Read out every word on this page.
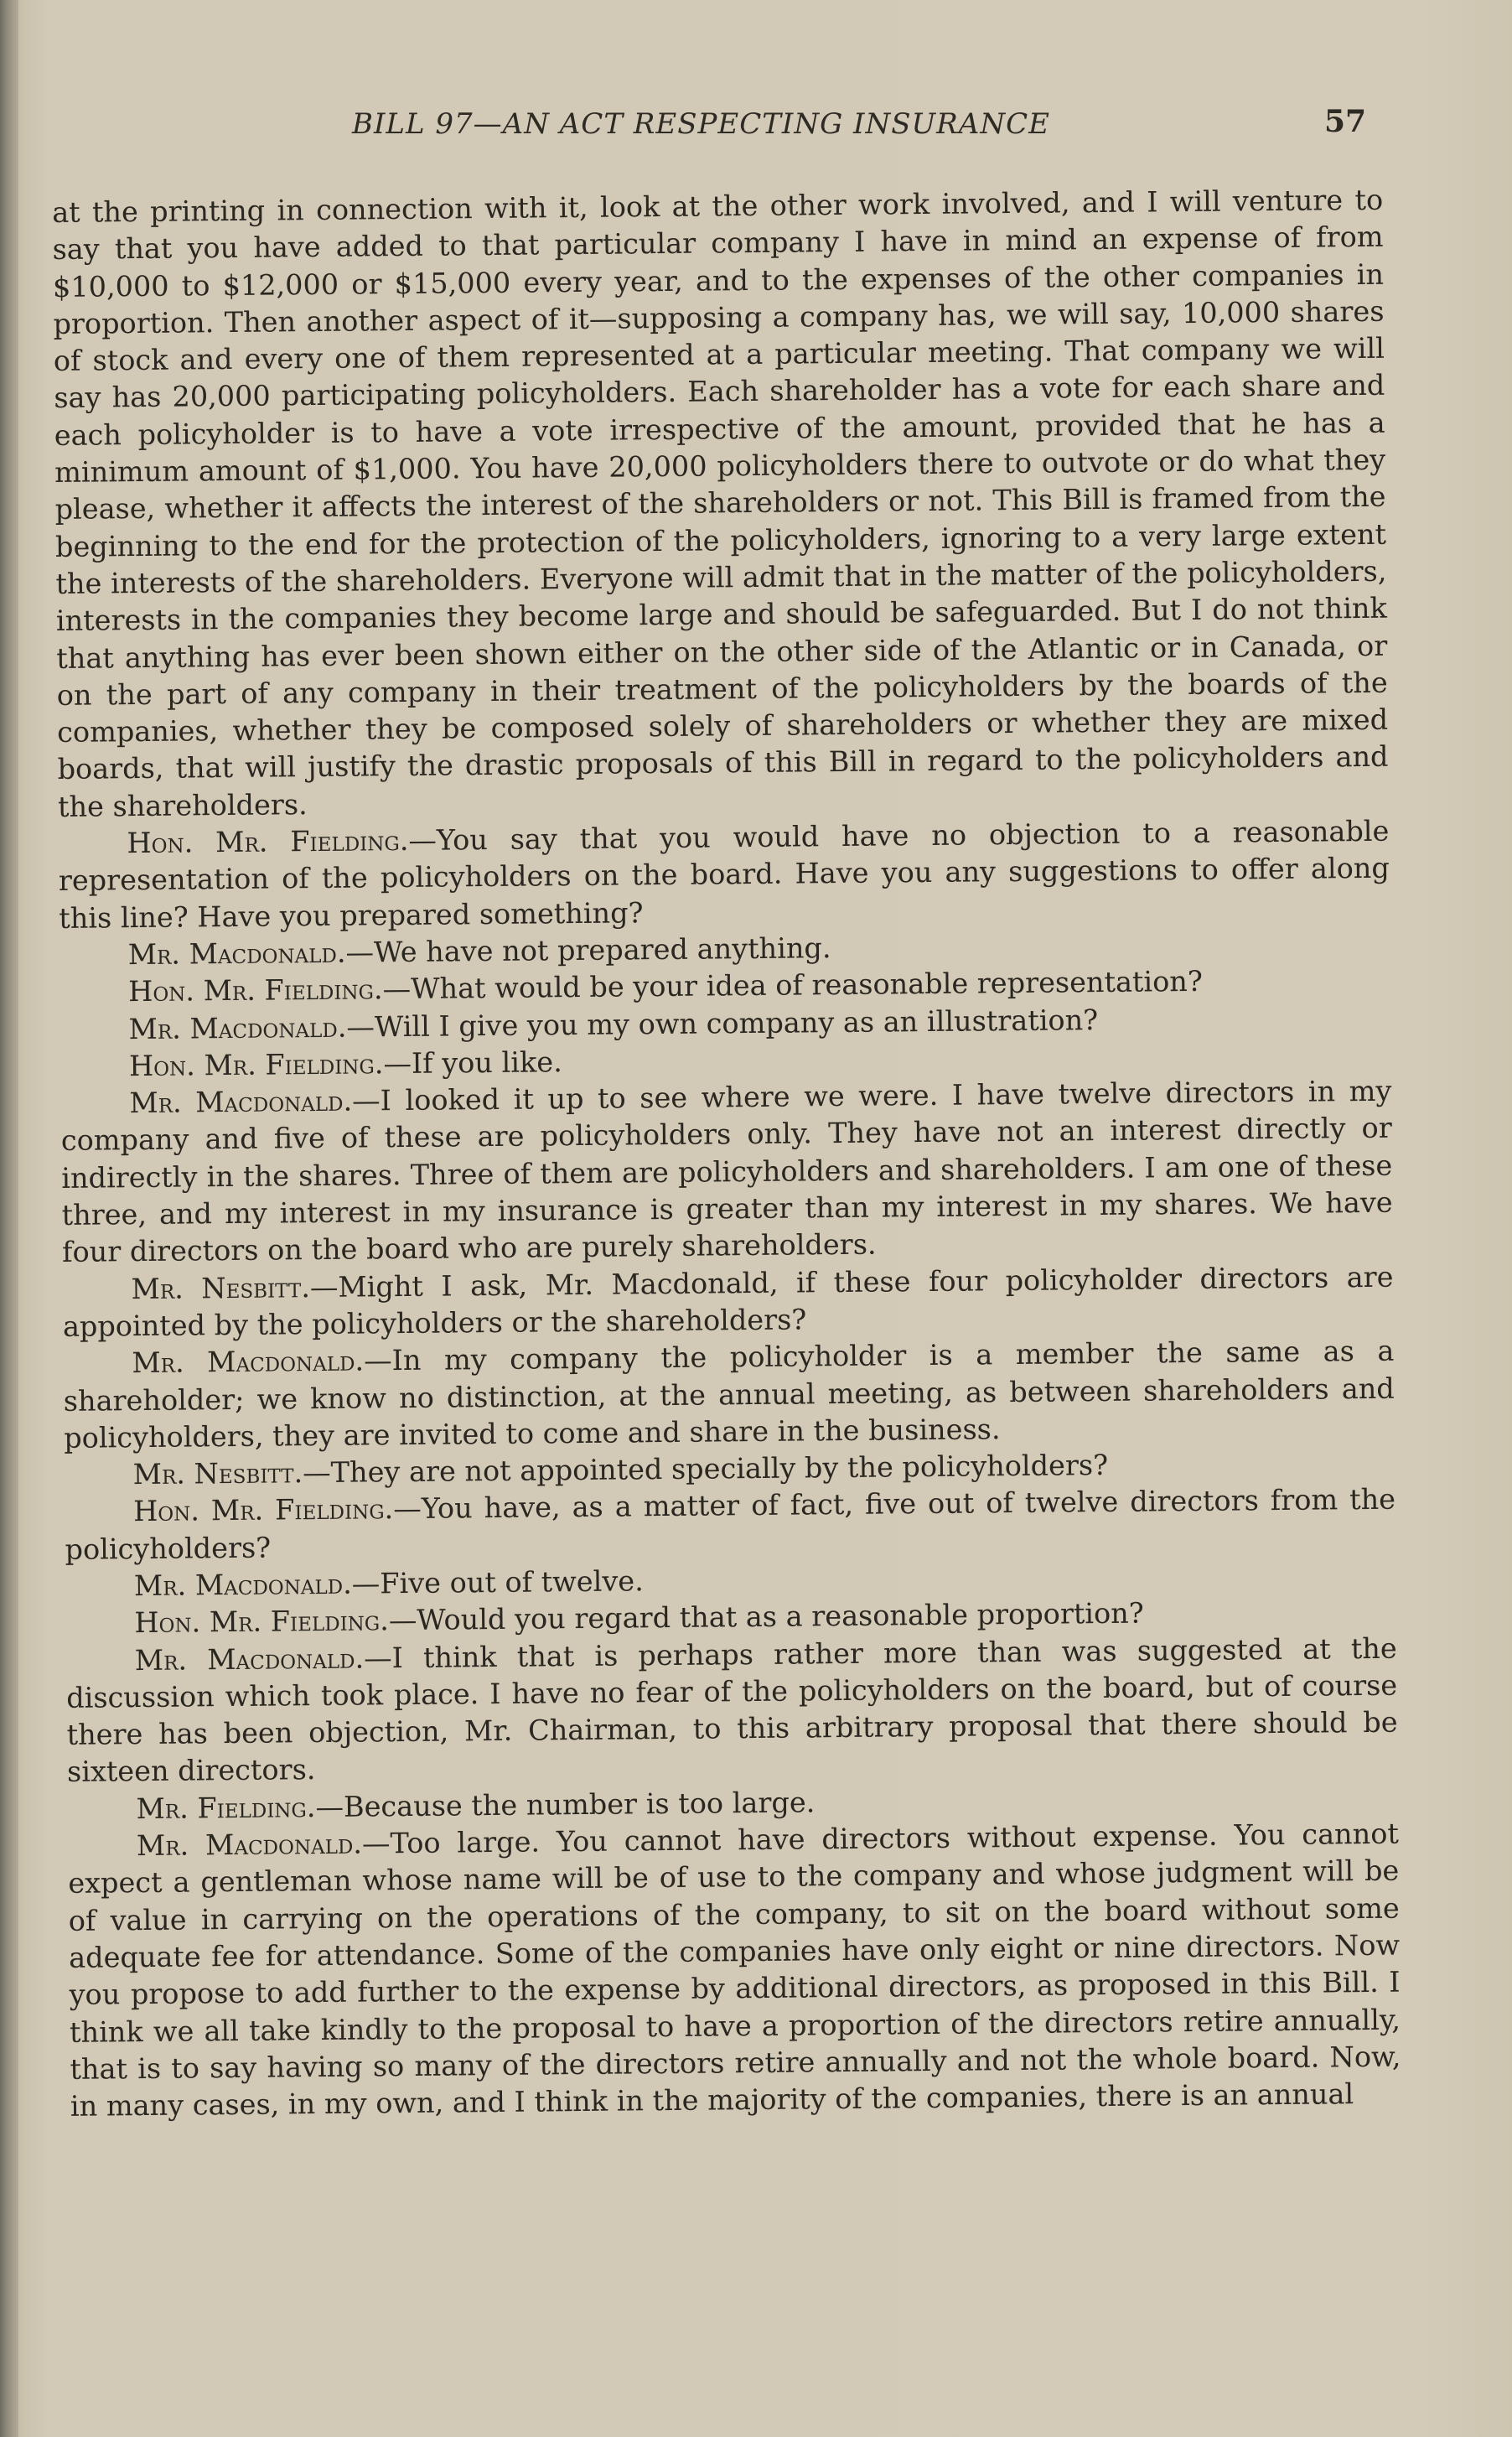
BILL 97—AN ACT RESPECTING INSURANCE	57

at the printing in connection with it, look at the other work involved, and I will venture to say that you have added to that particular company I have in mind an expense of from $10,000 to $12,000 or $15,000 every year, and to the expenses of the other companies in proportion. Then another aspect of it—supposing a company has, we will say, 10,000 shares of stock and every one of them represented at a particular meeting. That company we will say has 20,000 participating policyholders. Each shareholder has a vote for each share and each policyholder is to have a vote irrespective of the amount, provided that he has a minimum amount of $1,000. You have 20,000 policyholders there to outvote or do what they please, whether it affects the interest of the shareholders or not. This Bill is framed from the beginning to the end for the protection of the policyholders, ignoring to a very large extent the interests of the shareholders. Everyone will admit that in the matter of the policyholders, interests in the companies they become large and should be safeguarded. But I do not think that anything has ever been shown either on the other side of the Atlantic or in Canada, or on the part of any company in their treatment of the policyholders by the boards of the companies, whether they be composed solely of shareholders or whether they are mixed boards, that will justify the drastic proposals of this Bill in regard to the policyholders and the shareholders.

Hon. Mr. Fielding.—You say that you would have no objection to a reasonable representation of the policyholders on the board. Have you any suggestions to offer along this line? Have you prepared something?

Mr. Macdonald.—We have not prepared anything.

Hon. Mr. Fielding.—What would be your idea of reasonable representation?

Mr. Macdonald.—Will I give you my own company as an illustration?

Hon. Mr. Fielding.—If you like.

Mr. Macdonald.—I looked it up to see where we were. I have twelve directors in my company and five of these are policyholders only. They have not an interest directly or indirectly in the shares. Three of them are policyholders and shareholders. I am one of these three, and my interest in my insurance is greater than my interest in my shares. We have four directors on the board who are purely shareholders.

Mr. Nesbitt.—Might I ask, Mr. Macdonald, if these four policyholder directors are appointed by the policyholders or the shareholders?

Mr. Macdonald.—In my company the policyholder is a member the same as a shareholder; we know no distinction, at the annual meeting, as between shareholders and policyholders, they are invited to come and share in the business.

Mr. Nesbitt.—They are not appointed specially by the policyholders?

Hon. Mr. Fielding.—You have, as a matter of fact, five out of twelve directors from the policyholders?

Mr. Macdonald.—Five out of twelve.

Hon. Mr. Fielding.—Would you regard that as a reasonable proportion?

Mr. Macdonald.—I think that is perhaps rather more than was suggested at the discussion which took place. I have no fear of the policyholders on the board, but of course there has been objection, Mr. Chairman, to this arbitrary proposal that there should be sixteen directors.

Mr. Fielding.—Because the number is too large.

Mr. Macdonald.—Too large. You cannot have directors without expense. You cannot expect a gentleman whose name will be of use to the company and whose judgment will be of value in carrying on the operations of the company, to sit on the board without some adequate fee for attendance. Some of the companies have only eight or nine directors. Now you propose to add further to the expense by additional directors, as proposed in this Bill. I think we all take kindly to the proposal to have a proportion of the directors retire annually, that is to say having so many of the directors retire annually and not the whole board. Now, in many cases, in my own, and I think in the majority of the companies, there is an annual
